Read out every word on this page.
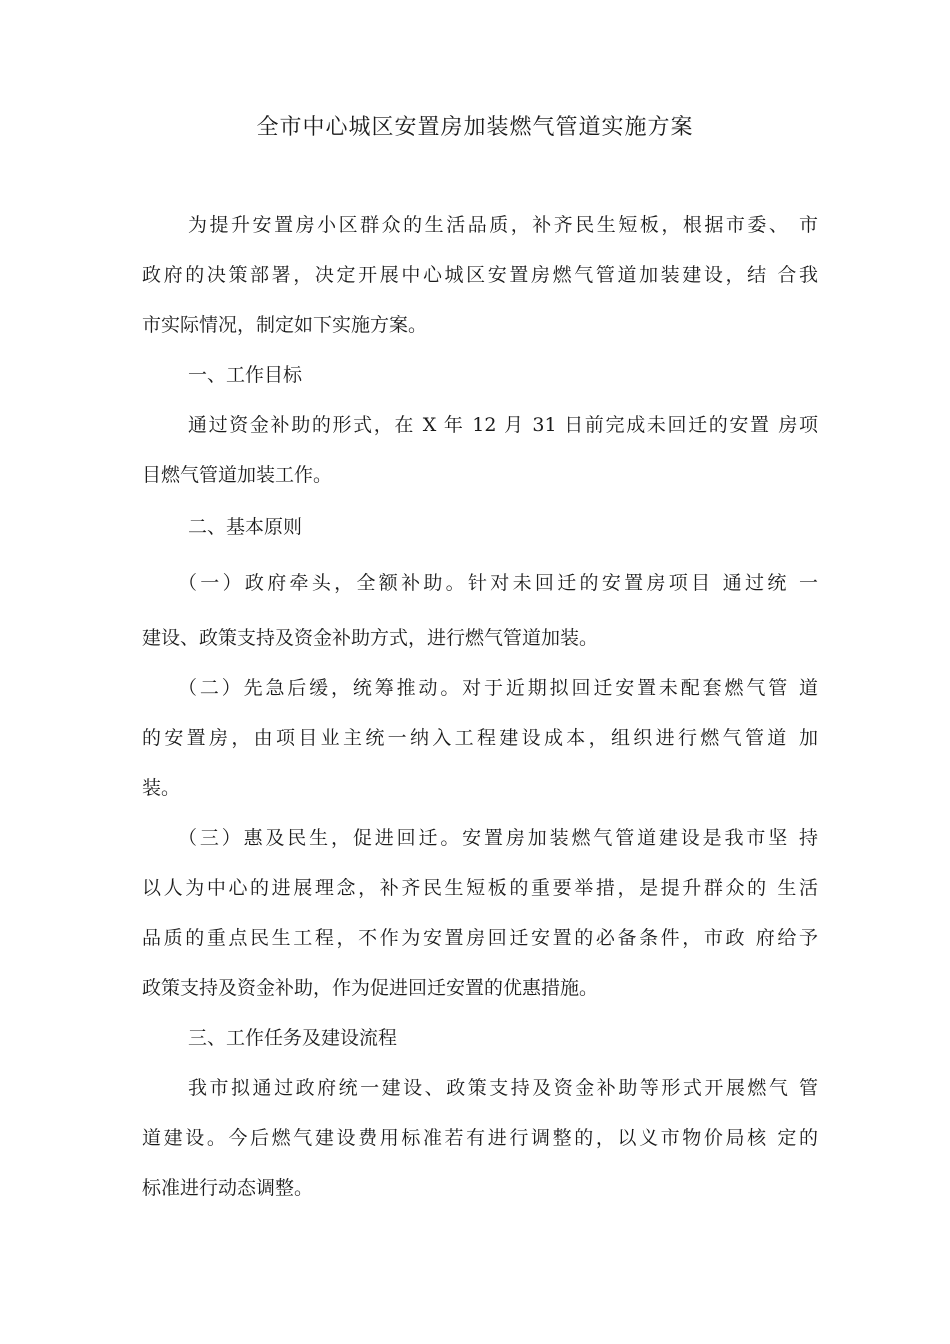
全市中心城区安置房加装燃气管道实施方案
为提升安置房小区群众的生活品质，补齐民生短板，根据市委、 市
政府的决策部署，决定开展中心城区安置房燃气管道加装建设，结 合我
市实际情况，制定如下实施方案。
一、工作目标
通过资金补助的形式，在 X 年 12 月 31 日前完成未回迁的安置 房项
目燃气管道加装工作。
二、基本原则
（一）政府牵头，全额补助。针对未回迁的安置房项目 通过统 一
建设、政策支持及资金补助方式，进行燃气管道加装。
（二）先急后缓，统筹推动。对于近期拟回迁安置未配套燃气管 道
的安置房，由项目业主统一纳入工程建设成本，组织进行燃气管道 加
装。
（三）惠及民生，促进回迁。安置房加装燃气管道建设是我市坚 持
以人为中心的进展理念，补齐民生短板的重要举措，是提升群众的 生活
品质的重点民生工程，不作为安置房回迁安置的必备条件，市政 府给予
政策支持及资金补助，作为促进回迁安置的优惠措施。
三、工作任务及建设流程
我市拟通过政府统一建设、政策支持及资金补助等形式开展燃气 管
道建设。今后燃气建设费用标准若有进行调整的，以义市物价局核 定的
标准进行动态调整。
